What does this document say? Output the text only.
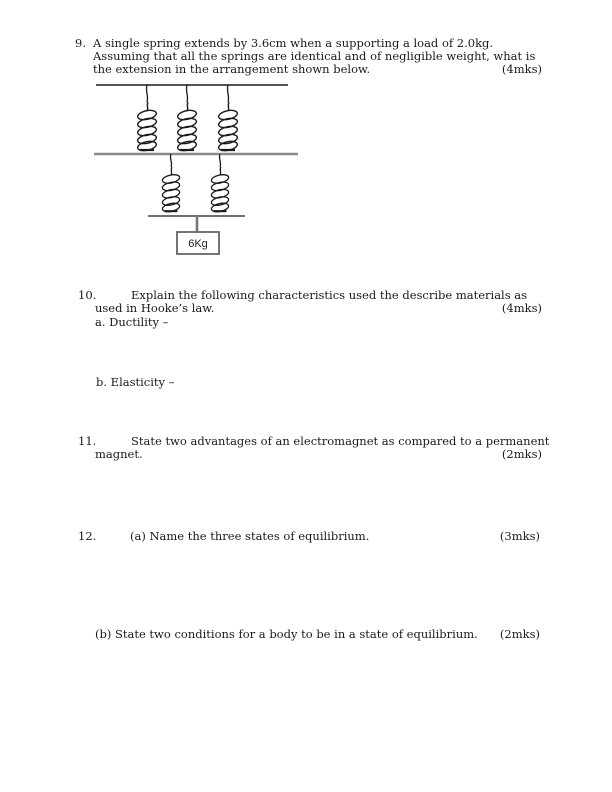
9. A single spring extends by 3.6cm when a supporting a load of 2.0kg.
Assuming that all the springs are identical and of negligible weight, what is
the extension in the arrangement shown below.	(4mks)
6Kg
10.	Explain the following characteristics used the describe materials as
used in Hooke’s law.	(4mks)
a. Ductility –
b. Elasticity –
11.	State two advantages of an electromagnet as compared to a permanent
magnet.	(2mks)
12.	(a) Name the three states of equilibrium.	(3mks)
(b) State two conditions for a body to be in a state of equilibrium. (2mks)
